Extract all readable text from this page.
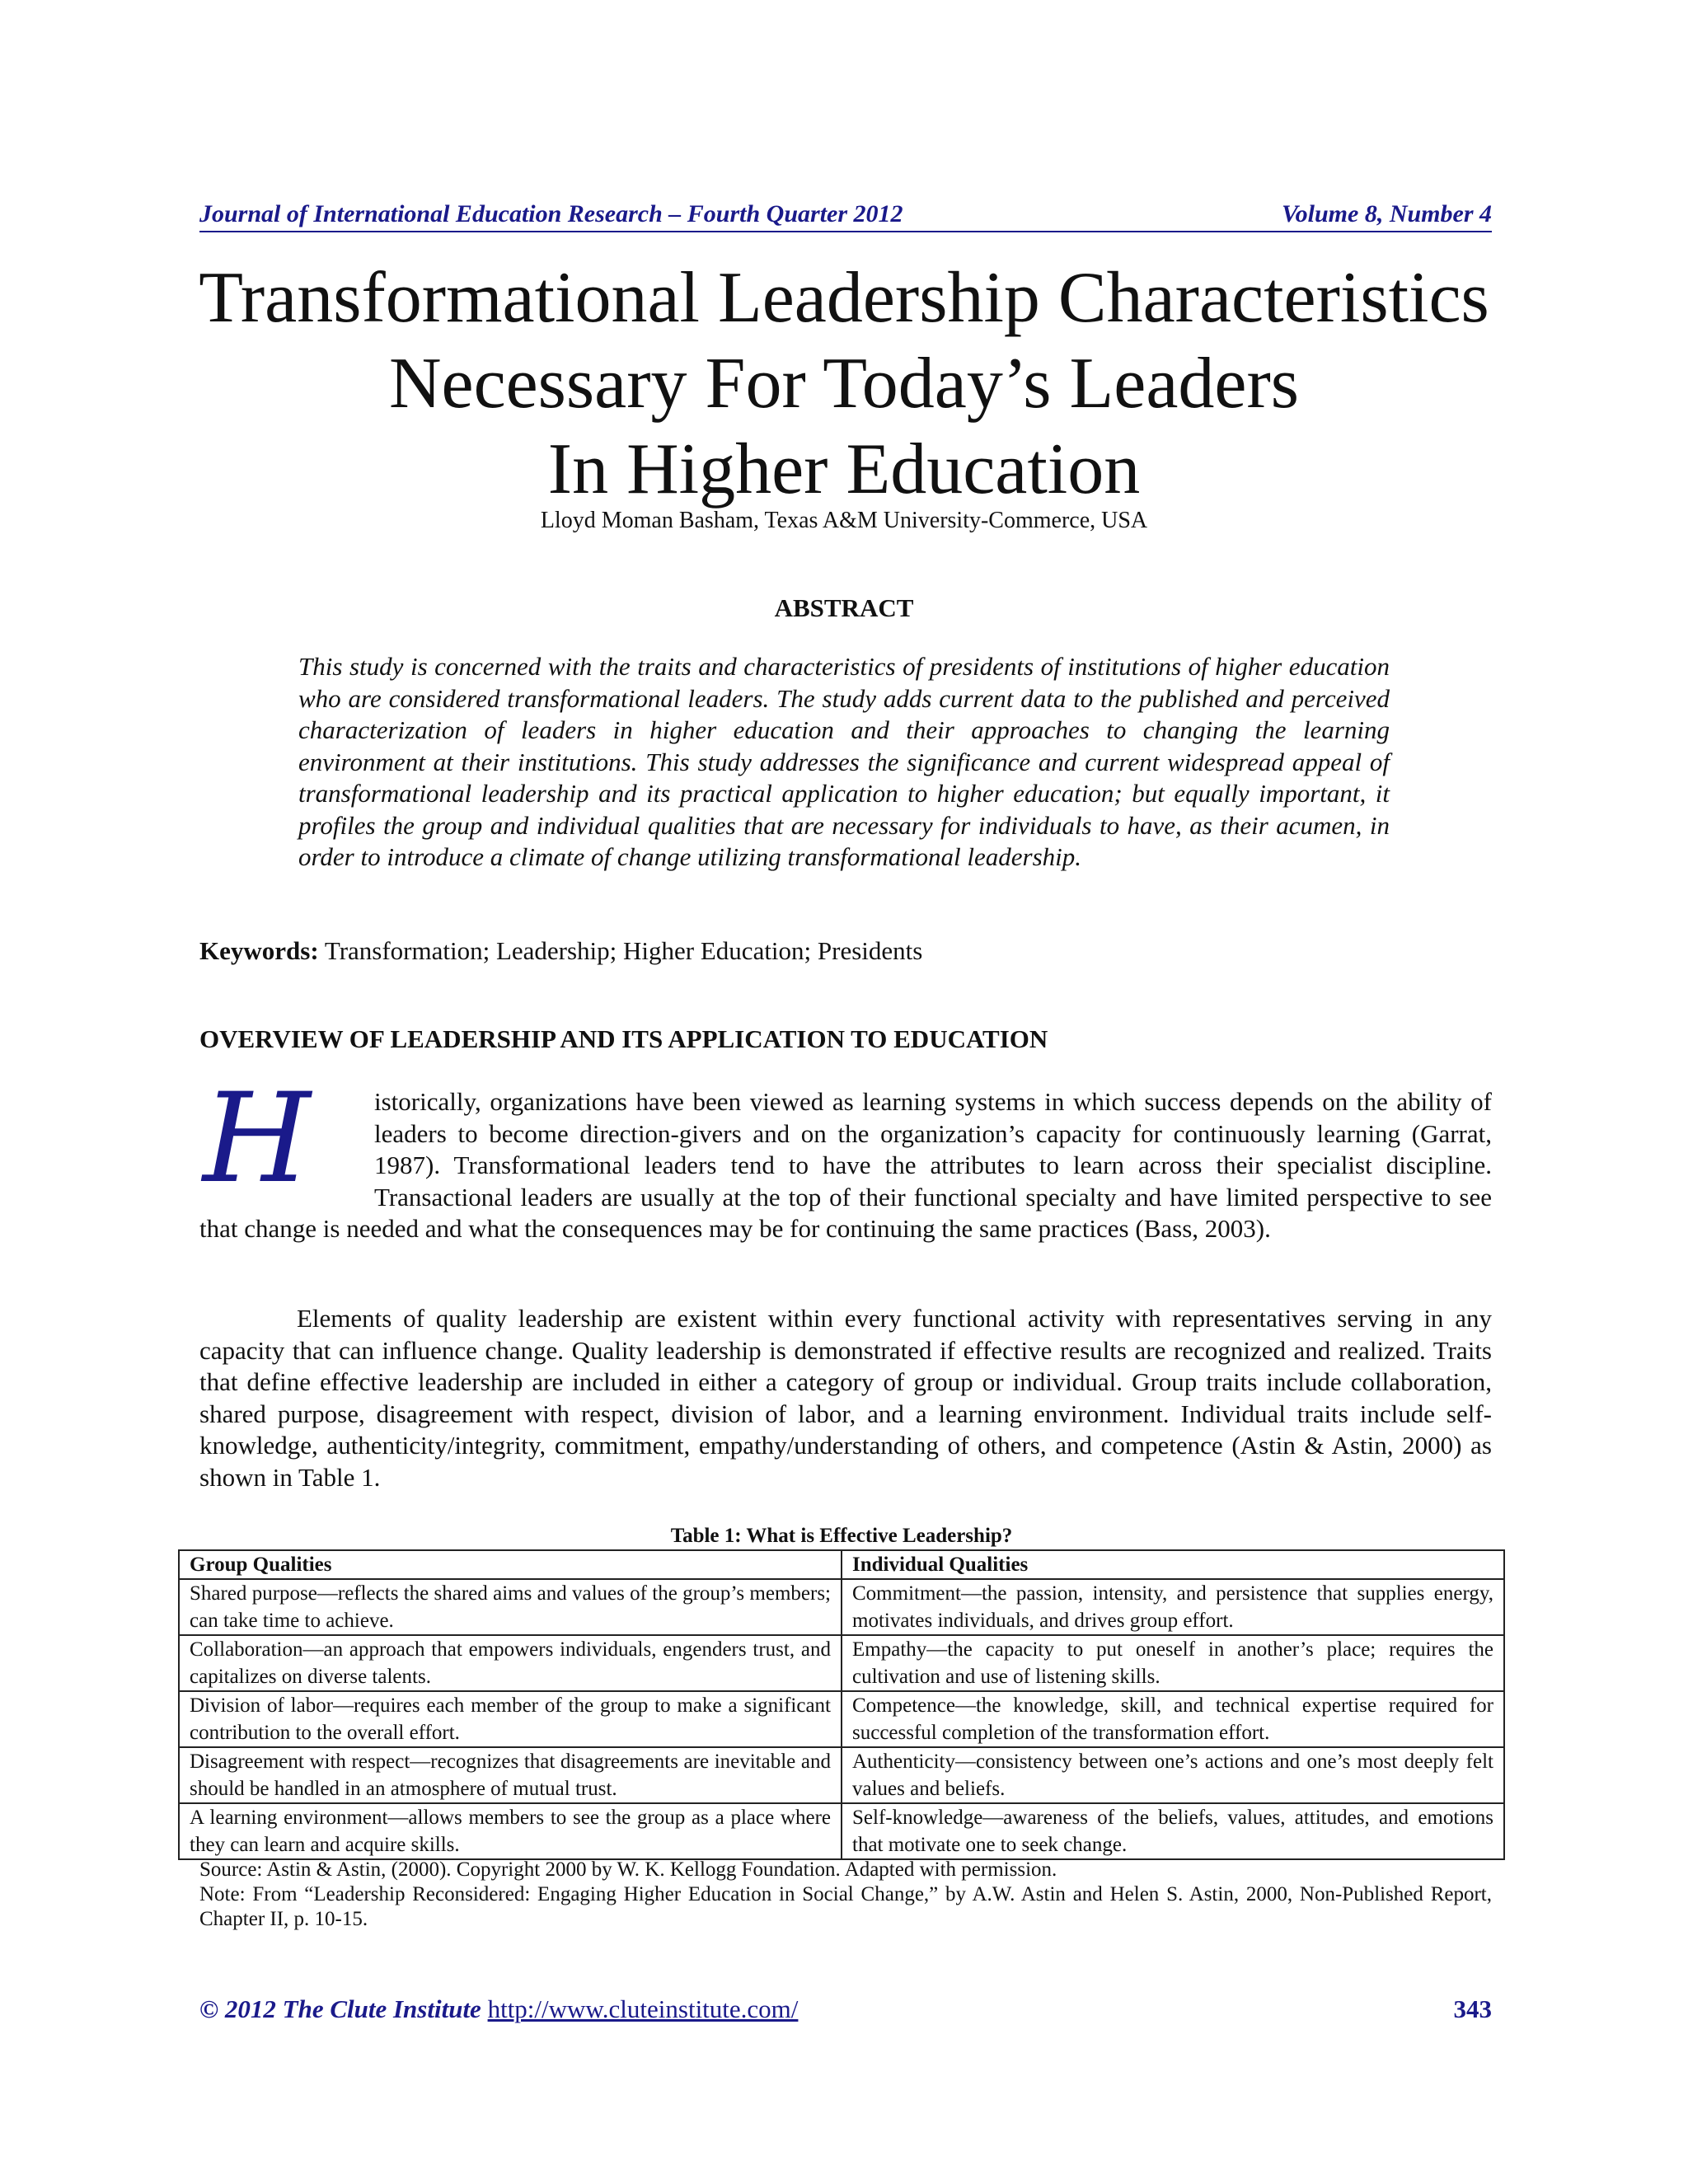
Journal of International Education Research – Fourth Quarter 2012	Volume 8, Number 4
Transformational Leadership Characteristics
Necessary For Today’s Leaders
In Higher Education
Lloyd Moman Basham, Texas A&M University-Commerce, USA
ABSTRACT
This study is concerned with the traits and characteristics of presidents of institutions of higher education who are considered transformational leaders. The study adds current data to the published and perceived characterization of leaders in higher education and their approaches to changing the learning environment at their institutions. This study addresses the significance and current widespread appeal of transformational leadership and its practical application to higher education; but equally important, it profiles the group and individual qualities that are necessary for individuals to have, as their acumen, in order to introduce a climate of change utilizing transformational leadership.
Keywords: Transformation; Leadership; Higher Education; Presidents
OVERVIEW OF LEADERSHIP AND ITS APPLICATION TO EDUCATION
H	istorically, organizations have been viewed as learning systems in which success depends on the ability of leaders to become direction-givers and on the organization’s capacity for continuously learning (Garrat, 1987). Transformational leaders tend to have the attributes to learn across their specialist discipline. Transactional leaders are usually at the top of their functional specialty and have limited perspective to see that change is needed and what the consequences may be for continuing the same practices (Bass, 2003).
Elements of quality leadership are existent within every functional activity with representatives serving in any capacity that can influence change. Quality leadership is demonstrated if effective results are recognized and realized. Traits that define effective leadership are included in either a category of group or individual. Group traits include collaboration, shared purpose, disagreement with respect, division of labor, and a learning environment. Individual traits include self-knowledge, authenticity/integrity, commitment, empathy/understanding of others, and competence (Astin & Astin, 2000) as shown in Table 1.
Table 1: What is Effective Leadership?
Group Qualities	Individual Qualities
Shared purpose—reflects the shared aims and values of the group’s members; can take time to achieve.	Commitment—the passion, intensity, and persistence that supplies energy, motivates individuals, and drives group effort.
Collaboration—an approach that empowers individuals, engenders trust, and capitalizes on diverse talents.	Empathy—the capacity to put oneself in another’s place; requires the cultivation and use of listening skills.
Division of labor—requires each member of the group to make a significant contribution to the overall effort.	Competence—the knowledge, skill, and technical expertise required for successful completion of the transformation effort.
Disagreement with respect—recognizes that disagreements are inevitable and should be handled in an atmosphere of mutual trust.	Authenticity—consistency between one’s actions and one’s most deeply felt values and beliefs.
A learning environment—allows members to see the group as a place where they can learn and acquire skills.	Self-knowledge—awareness of the beliefs, values, attitudes, and emotions that motivate one to seek change.
Source: Astin & Astin, (2000). Copyright 2000 by W. K. Kellogg Foundation. Adapted with permission.
Note: From “Leadership Reconsidered: Engaging Higher Education in Social Change,” by A.W. Astin and Helen S. Astin, 2000, Non-Published Report, Chapter II, p. 10-15.
© 2012 The Clute Institute http://www.cluteinstitute.com/	343
